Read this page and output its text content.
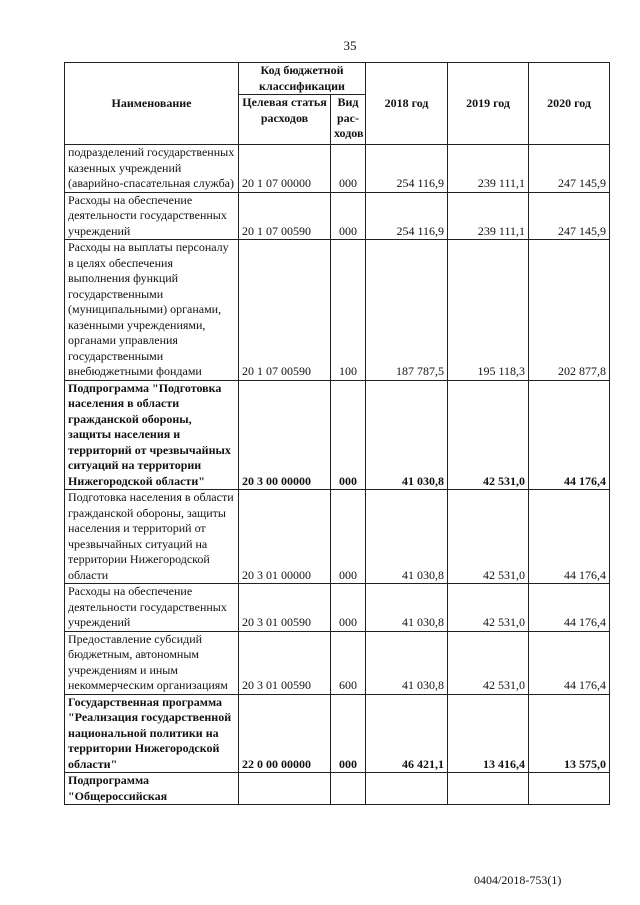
35
Наименование	Код бюджетной классификации		2018 год	2019 год	2020 год
	Целевая статья расходов	Вид рас-ходов			
подразделений государственных казенных учреждений (аварийно-спасательная служба)	20 1 07 00000	000	254 116,9	239 111,1	247 145,9
Расходы на обеспечение деятельности государственных учреждений	20 1 07 00590	000	254 116,9	239 111,1	247 145,9
Расходы на выплаты персоналу в целях обеспечения выполнения функций государственными (муниципальными) органами, казенными учреждениями, органами управления государственными внебюджетными фондами	20 1 07 00590	100	187 787,5	195 118,3	202 877,8
Подпрограмма "Подготовка населения в области гражданской обороны, защиты населения и территорий от чрезвычайных ситуаций на территории Нижегородской области"	20 3 00 00000	000	41 030,8	42 531,0	44 176,4
Подготовка населения в области гражданской обороны, защиты населения и территорий от чрезвычайных ситуаций на территории Нижегородской области	20 3 01 00000	000	41 030,8	42 531,0	44 176,4
Расходы на обеспечение деятельности государственных учреждений	20 3 01 00590	000	41 030,8	42 531,0	44 176,4
Предоставление субсидий бюджетным, автономным учреждениям и иным некоммерческим организациям	20 3 01 00590	600	41 030,8	42 531,0	44 176,4
Государственная программа "Реализация государственной национальной политики на территории Нижегородской области"	22 0 00 00000	000	46 421,1	13 416,4	13 575,0
Подпрограмма "Общероссийская					
0404/2018-753(1)
